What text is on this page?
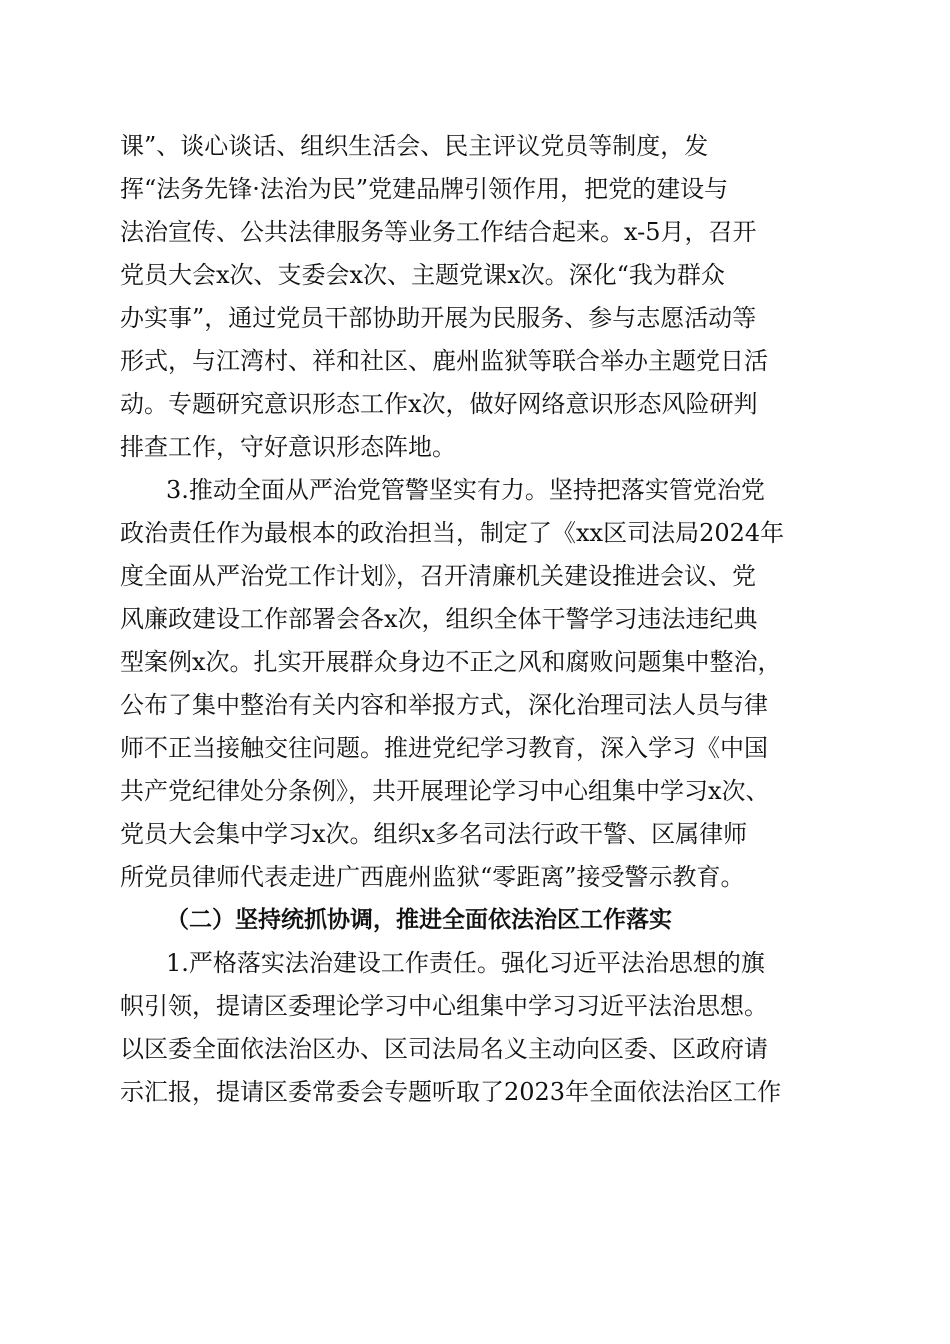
课”、谈心谈话、组织生活会、民主评议党员等制度，发
挥“法务先锋·法治为民”党建品牌引领作用，把党的建设与
法治宣传、公共法律服务等业务工作结合起来。x-5月，召开
党员大会x次、支委会x次、主题党课x次。深化“我为群众
办实事”，通过党员干部协助开展为民服务、参与志愿活动等
形式，与江湾村、祥和社区、鹿州监狱等联合举办主题党日活
动。专题研究意识形态工作x次，做好网络意识形态风险研判
排查工作，守好意识形态阵地。
3.推动全面从严治党管警坚实有力。坚持把落实管党治党
政治责任作为最根本的政治担当，制定了《xx区司法局2024年
度全面从严治党工作计划》，召开清廉机关建设推进会议、党
风廉政建设工作部署会各x次，组织全体干警学习违法违纪典
型案例x次。扎实开展群众身边不正之风和腐败问题集中整治，
公布了集中整治有关内容和举报方式，深化治理司法人员与律
师不正当接触交往问题。推进党纪学习教育，深入学习《中国
共产党纪律处分条例》，共开展理论学习中心组集中学习x次、
党员大会集中学习x次。组织x多名司法行政干警、区属律师
所党员律师代表走进广西鹿州监狱“零距离”接受警示教育。
（二）坚持统抓协调，推进全面依法治区工作落实
1.严格落实法治建设工作责任。强化习近平法治思想的旗
帜引领，提请区委理论学习中心组集中学习习近平法治思想。
以区委全面依法治区办、区司法局名义主动向区委、区政府请
示汇报，提请区委常委会专题听取了2023年全面依法治区工作
